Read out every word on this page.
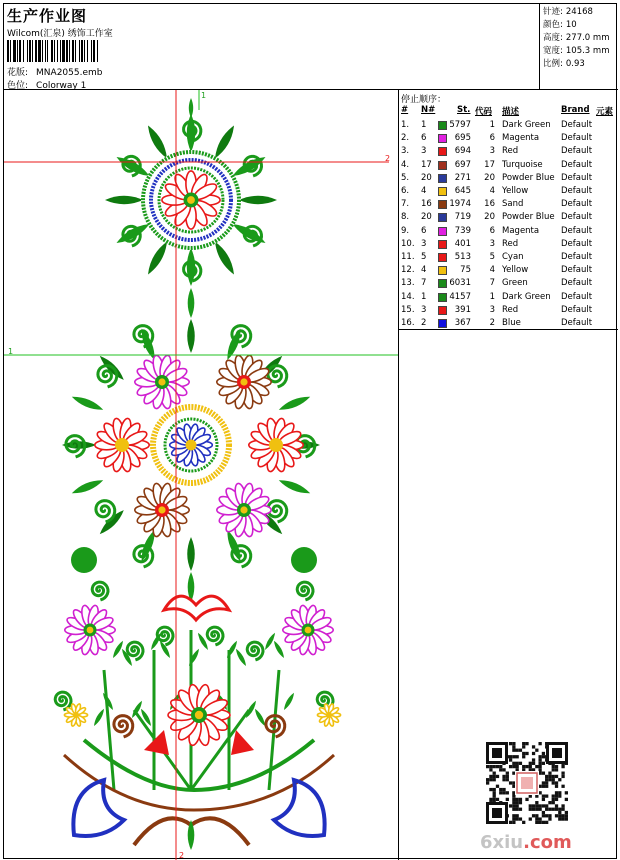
生产作业图
Wilcom(汇泉) 绣饰工作室
花版: MNA2055.emb
色位: Colorway 1
针迹: 24168
颜色: 10
高度: 277.0 mm
宽度: 105.3 mm
比例: 0.93
1
2
1
2
停止顺序：
# N#	St. 代码 描述	Brand 元素
1. 1	5797	1 Dark Green Default
2. 6	695	6 Magenta	Default
3. 3	694	3 Red	Default
4. 17	697	17 Turquoise Default
5. 20	271	20 Powder Blue Default
6. 4	645	4 Yellow	Default
7. 16 1974	16 Sand	Default
8. 20	719	20 Powder Blue Default
9. 6	739	6 Magenta	Default
10. 3	401	3 Red	Default
11. 5	513	5 Cyan	Default
12. 4	75	4 Yellow	Default
13. 7	6031	7 Green	Default
14. 1	4157	1 Dark Green Default
15. 3	391	3 Red	Default
16. 2	367	2 Blue	Default
6xiu.com
